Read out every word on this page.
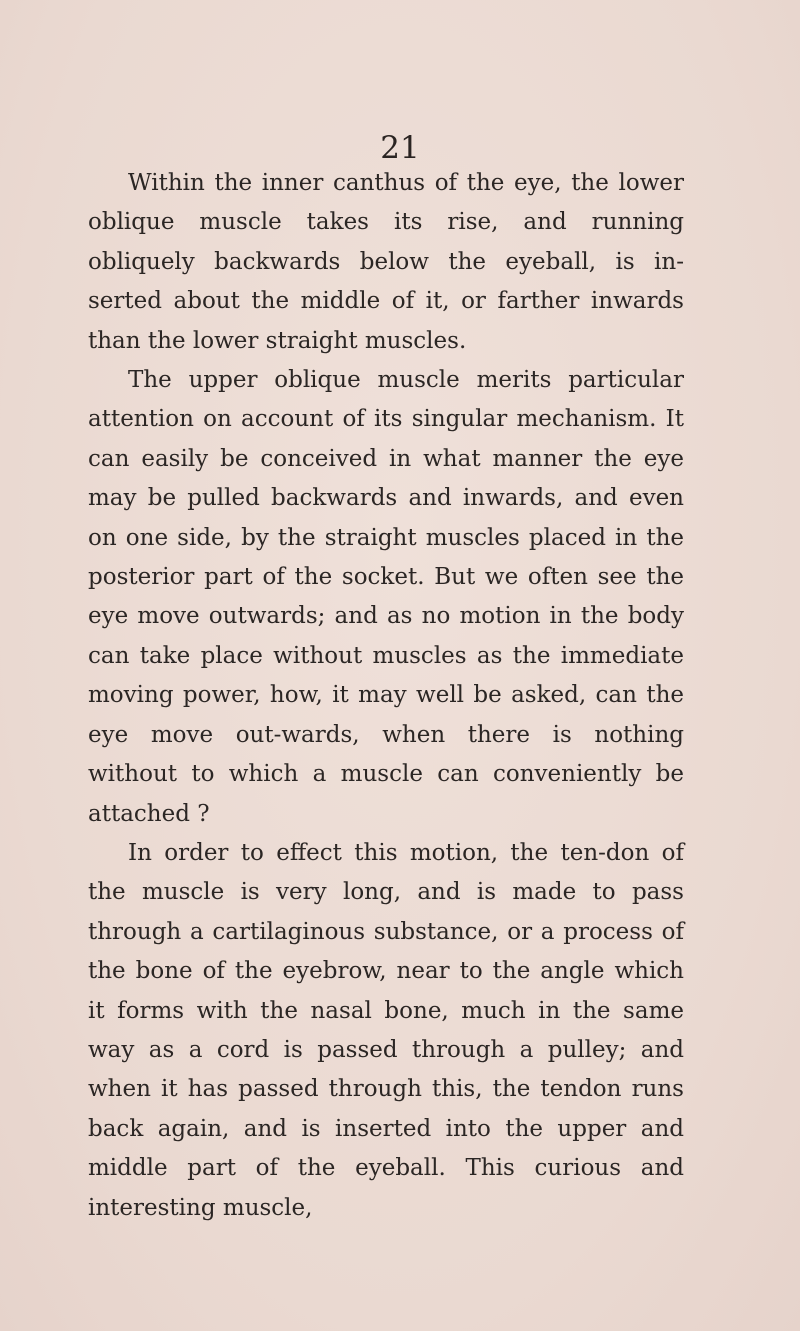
21

Within the inner canthus of the eye, the lower oblique muscle takes its rise, and running obliquely backwards below the eyeball, is in-serted about the middle of it, or farther inwards than the lower straight muscles.

The upper oblique muscle merits particular attention on account of its singular mechanism. It can easily be conceived in what manner the eye may be pulled backwards and inwards, and even on one side, by the straight muscles placed in the posterior part of the socket. But we often see the eye move outwards; and as no motion in the body can take place without muscles as the immediate moving power, how, it may well be asked, can the eye move out-wards, when there is nothing without to which a muscle can conveniently be attached ?

In order to effect this motion, the ten-don of the muscle is very long, and is made to pass through a cartilaginous substance, or a process of the bone of the eyebrow, near to the angle which it forms with the nasal bone, much in the same way as a cord is passed through a pulley; and when it has passed through this, the tendon runs back again, and is inserted into the upper and middle part of the eyeball. This curious and interesting muscle,
